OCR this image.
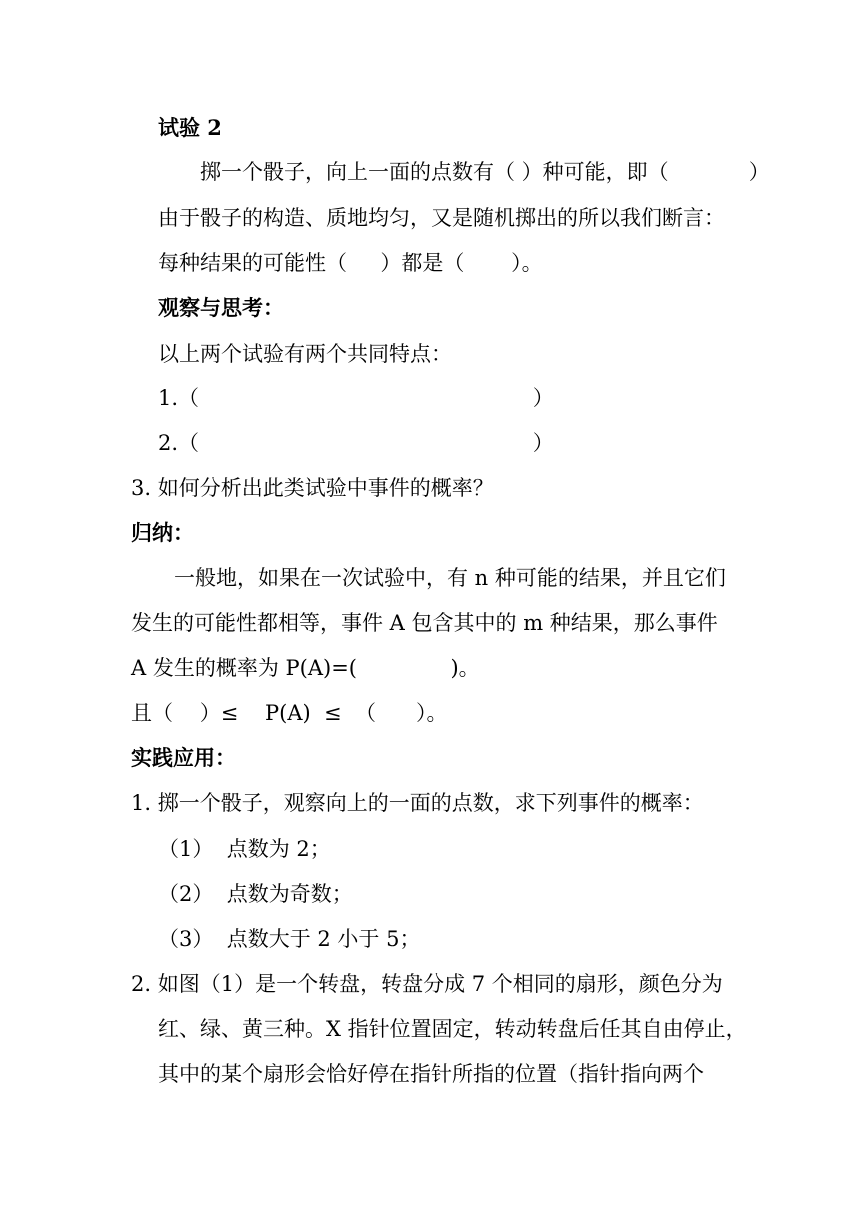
试验 2
掷一个骰子，向上一面的点数有（ ）种可能，即（            ）
由于骰子的构造、质地均匀，又是随机掷出的所以我们断言：
每种结果的可能性（     ）都是（       ）。
观察与思考：
以上两个试验有两个共同特点：
1.（                                                  ）
2.（                                                  ）
3. 如何分析出此类试验中事件的概率？
归纳：
一般地，如果在一次试验中，有 n 种可能的结果，并且它们
发生的可能性都相等，事件 A 包含其中的 m 种结果，那么事件
A 发生的概率为 P(A)=(              )。
且（    ）≤    P(A)  ≤  （      ）。
实践应用：
1. 掷一个骰子，观察向上的一面的点数，求下列事件的概率：
（1）  点数为 2；
（2）  点数为奇数；
（3）  点数大于 2 小于 5；
2. 如图（1）是一个转盘，转盘分成 7 个相同的扇形，颜色分为
红、绿、黄三种。X 指针位置固定，转动转盘后任其自由停止，
其中的某个扇形会恰好停在指针所指的位置（指针指向两个
